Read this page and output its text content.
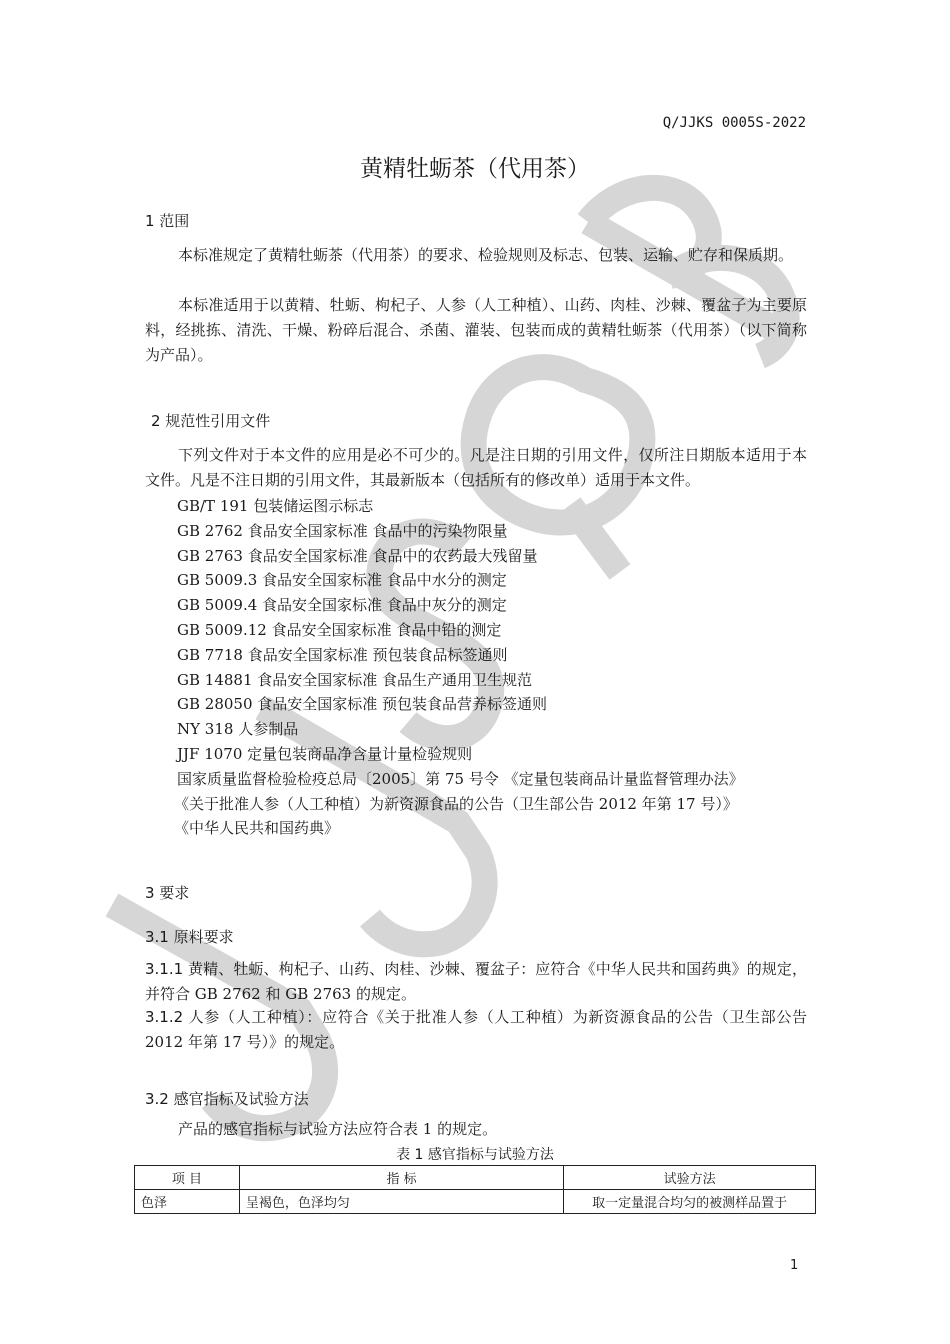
Q/JJKS 0005S-2022
黄精牡蛎茶（代用茶）
1 范围
本标准规定了黄精牡蛎茶（代用茶）的要求、检验规则及标志、包装、运输、贮存和保质期。
本标准适用于以黄精、牡蛎、枸杞子、人参（人工种植）、山药、肉桂、沙棘、覆盆子为主要原料，经挑拣、清洗、干燥、粉碎后混合、杀菌、灌装、包装而成的黄精牡蛎茶（代用茶）（以下简称为产品）。
2 规范性引用文件
下列文件对于本文件的应用是必不可少的。凡是注日期的引用文件，仅所注日期版本适用于本文件。凡是不注日期的引用文件，其最新版本（包括所有的修改单）适用于本文件。
GB/T 191 包装储运图示标志
GB 2762 食品安全国家标准 食品中的污染物限量
GB 2763 食品安全国家标准 食品中的农药最大残留量
GB 5009.3 食品安全国家标准 食品中水分的测定
GB 5009.4 食品安全国家标准 食品中灰分的测定
GB 5009.12 食品安全国家标准 食品中铅的测定
GB 7718 食品安全国家标准 预包装食品标签通则
GB 14881 食品安全国家标准 食品生产通用卫生规范
GB 28050 食品安全国家标准 预包装食品营养标签通则
NY 318 人参制品
JJF 1070 定量包装商品净含量计量检验规则
国家质量监督检验检疫总局〔2005〕第 75 号令 《定量包装商品计量监督管理办法》
《关于批准人参（人工种植）为新资源食品的公告（卫生部公告 2012 年第 17 号）》
《中华人民共和国药典》
3 要求
3.1 原料要求
3.1.1 黄精、牡蛎、枸杞子、山药、肉桂、沙棘、覆盆子：应符合《中华人民共和国药典》的规定，并符合 GB 2762 和 GB 2763 的规定。
3.1.2 人参（人工种植）：应符合《关于批准人参（人工种植）为新资源食品的公告（卫生部公告 2012 年第 17 号）》的规定。
3.2 感官指标及试验方法
产品的感官指标与试验方法应符合表 1 的规定。
表 1 感官指标与试验方法
项 目	指 标	试验方法
色泽	呈褐色，色泽均匀	取一定量混合均匀的被测样品置于
1
